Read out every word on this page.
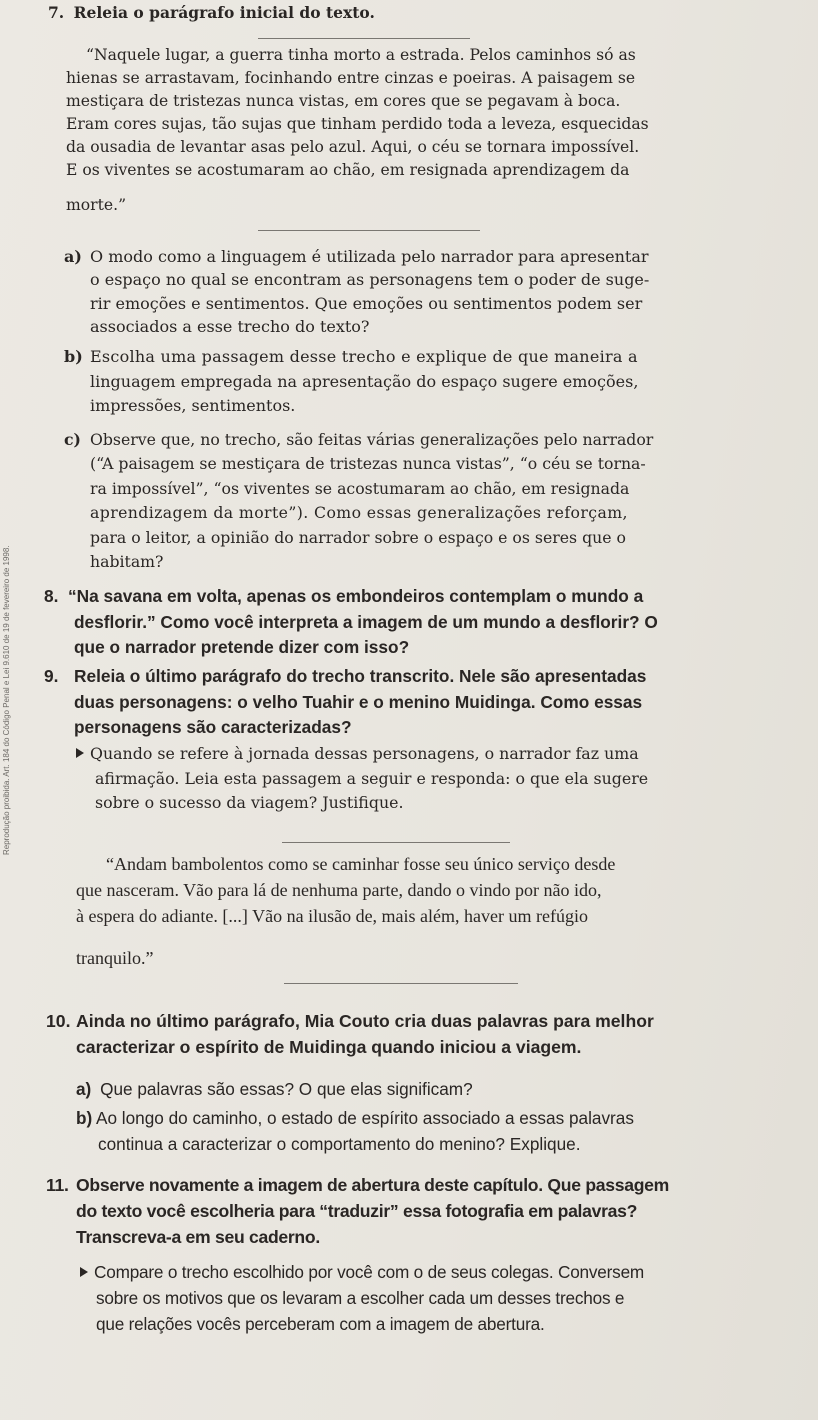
Reprodução proibida. Art. 184 do Código Penal e Lei 9.610 de 19 de fevereiro de 1998.
7. Releia o parágrafo inicial do texto.
“Naquele lugar, a guerra tinha morto a estrada. Pelos caminhos só as
hienas se arrastavam, focinhando entre cinzas e poeiras. A paisagem se
mestiçara de tristezas nunca vistas, em cores que se pegavam à boca.
Eram cores sujas, tão sujas que tinham perdido toda a leveza, esquecidas
da ousadia de levantar asas pelo azul. Aqui, o céu se tornara impossível.
E os viventes se acostumaram ao chão, em resignada aprendizagem da
morte.”
a) O modo como a linguagem é utilizada pelo narrador para apresentar
o espaço no qual se encontram as personagens tem o poder de suge-
rir emoções e sentimentos. Que emoções ou sentimentos podem ser
associados a esse trecho do texto?
b) Escolha uma passagem desse trecho e explique de que maneira a
linguagem empregada na apresentação do espaço sugere emoções,
impressões, sentimentos.
c) Observe que, no trecho, são feitas várias generalizações pelo narrador
(“A paisagem se mestiçara de tristezas nunca vistas”, “o céu se torna-
ra impossível”, “os viventes se acostumaram ao chão, em resignada
aprendizagem da morte”). Como essas generalizações reforçam,
para o leitor, a opinião do narrador sobre o espaço e os seres que o
habitam?
8. “Na savana em volta, apenas os embondeiros contemplam o mundo a
desflorir.” Como você interpreta a imagem de um mundo a desflorir? O
que o narrador pretende dizer com isso?
9. Releia o último parágrafo do trecho transcrito. Nele são apresentadas
duas personagens: o velho Tuahir e o menino Muidinga. Como essas
personagens são caracterizadas?
Quando se refere à jornada dessas personagens, o narrador faz uma
afirmação. Leia esta passagem a seguir e responda: o que ela sugere
sobre o sucesso da viagem? Justifique.
“Andam bambolentos como se caminhar fosse seu único serviço desde
que nasceram. Vão para lá de nenhuma parte, dando o vindo por não ido,
à espera do adiante. [...] Vão na ilusão de, mais além, haver um refúgio
tranquilo.”
10. Ainda no último parágrafo, Mia Couto cria duas palavras para melhor
caracterizar o espírito de Muidinga quando iniciou a viagem.
a) Que palavras são essas? O que elas significam?
b) Ao longo do caminho, o estado de espírito associado a essas palavras
continua a caracterizar o comportamento do menino? Explique.
11. Observe novamente a imagem de abertura deste capítulo. Que passagem
do texto você escolheria para “traduzir” essa fotografia em palavras?
Transcreva-a em seu caderno.
Compare o trecho escolhido por você com o de seus colegas. Conversem
sobre os motivos que os levaram a escolher cada um desses trechos e
que relações vocês perceberam com a imagem de abertura.
